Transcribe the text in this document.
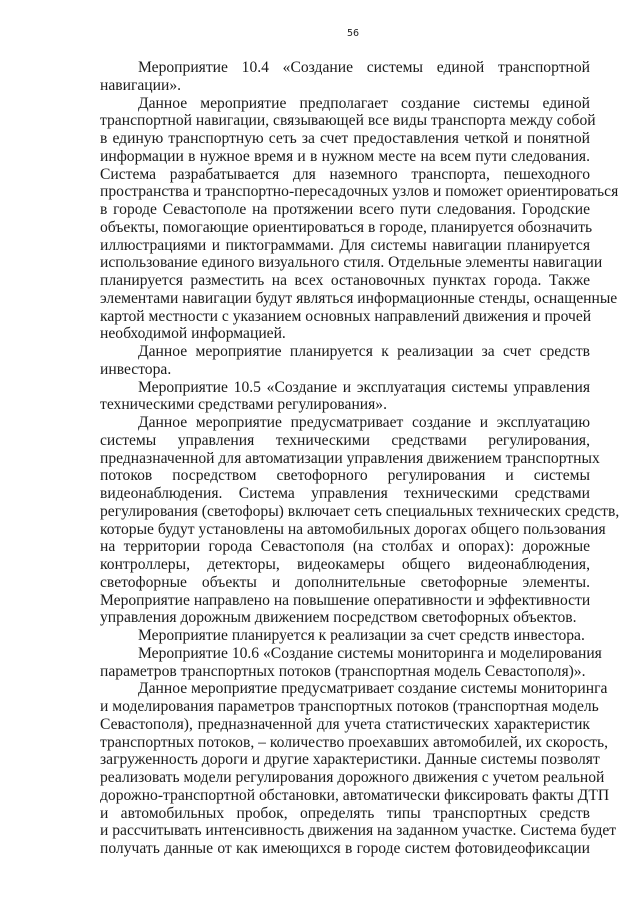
56
Мероприятие 10.4 «Создание системы единой транспортной
навигации».
Данное мероприятие предполагает создание системы единой
транспортной навигации, связывающей все виды транспорта между собой
в единую транспортную сеть за счет предоставления четкой и понятной
информации в нужное время и в нужном месте на всем пути следования.
Система разрабатывается для наземного транспорта, пешеходного
пространства и транспортно-пересадочных узлов и поможет ориентироваться
в городе Севастополе на протяжении всего пути следования. Городские
объекты, помогающие ориентироваться в городе, планируется обозначить
иллюстрациями и пиктограммами. Для системы навигации планируется
использование единого визуального стиля. Отдельные элементы навигации
планируется разместить на всех остановочных пунктах города. Также
элементами навигации будут являться информационные стенды, оснащенные
картой местности с указанием основных направлений движения и прочей
необходимой информацией.
Данное мероприятие планируется к реализации за счет средств
инвестора.
Мероприятие 10.5 «Создание и эксплуатация системы управления
техническими средствами регулирования».
Данное мероприятие предусматривает создание и эксплуатацию
системы управления техническими средствами регулирования,
предназначенной для автоматизации управления движением транспортных
потоков посредством светофорного регулирования и системы
видеонаблюдения. Система управления техническими средствами
регулирования (светофоры) включает сеть специальных технических средств,
которые будут установлены на автомобильных дорогах общего пользования
на территории города Севастополя (на столбах и опорах): дорожные
контроллеры, детекторы, видеокамеры общего видеонаблюдения,
светофорные объекты и дополнительные светофорные элементы.
Мероприятие направлено на повышение оперативности и эффективности
управления дорожным движением посредством светофорных объектов.
Мероприятие планируется к реализации за счет средств инвестора.
Мероприятие 10.6 «Создание системы мониторинга и моделирования
параметров транспортных потоков (транспортная модель Севастополя)».
Данное мероприятие предусматривает создание системы мониторинга
и моделирования параметров транспортных потоков (транспортная модель
Севастополя), предназначенной для учета статистических характеристик
транспортных потоков, – количество проехавших автомобилей, их скорость,
загруженность дороги и другие характеристики. Данные системы позволят
реализовать модели регулирования дорожного движения с учетом реальной
дорожно-транспортной обстановки, автоматически фиксировать факты ДТП
и автомобильных пробок, определять типы транспортных средств
и рассчитывать интенсивность движения на заданном участке. Система будет
получать данные от как имеющихся в городе систем фотовидеофиксации
